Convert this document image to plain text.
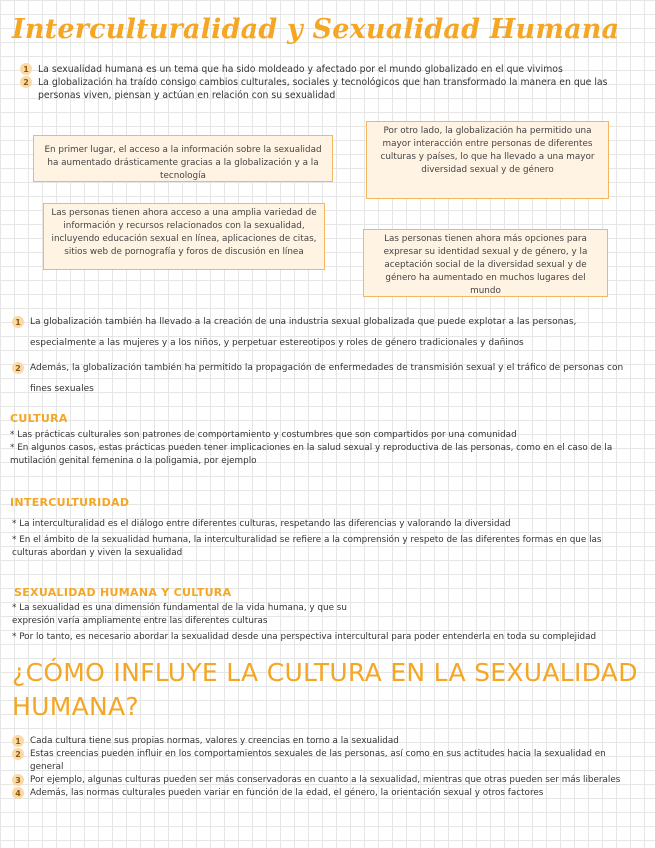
Interculturalidad y Sexualidad Humana
1 La sexualidad humana es un tema que ha sido moldeado y afectado por el mundo globalizado en el que vivimos
2 La globalización ha traído consigo cambios culturales, sociales y tecnológicos que han transformado la manera en que las personas viven, piensan y actúan en relación con su sexualidad
En primer lugar, el acceso a la información sobre la sexualidad ha aumentado drásticamente gracias a la globalización y a la tecnología
Por otro lado, la globalización ha permitido una mayor interacción entre personas de diferentes culturas y países, lo que ha llevado a una mayor diversidad sexual y de género
Las personas tienen ahora acceso a una amplia variedad de información y recursos relacionados con la sexualidad, incluyendo educación sexual en línea, aplicaciones de citas, sitios web de pornografía y foros de discusión en línea
Las personas tienen ahora más opciones para expresar su identidad sexual y de género, y la aceptación social de la diversidad sexual y de género ha aumentado en muchos lugares del mundo
1	La globalización también ha llevado a la creación de una industria sexual globalizada que puede explotar a las personas, especialmente a las mujeres y a los niños, y perpetuar estereotipos y roles de género tradicionales y dañinos
2	Además, la globalización también ha permitido la propagación de enfermedades de transmisión sexual y el tráfico de personas con fines sexuales
CULTURA
* Las prácticas culturales son patrones de comportamiento y costumbres que son compartidos por una comunidad
* En algunos casos, estas prácticas pueden tener implicaciones en la salud sexual y reproductiva de las personas, como en el caso de la mutilación genital femenina o la poligamia, por ejemplo
INTERCULTURIDAD
* La interculturalidad es el diálogo entre diferentes culturas, respetando las diferencias y valorando la diversidad
* En el ámbito de la sexualidad humana, la interculturalidad se refiere a la comprensión y respeto de las diferentes formas en que las culturas abordan y viven la sexualidad
SEXUALIDAD HUMANA Y CULTURA
* La sexualidad es una dimensión fundamental de la vida humana, y que su
expresión varía ampliamente entre las diferentes culturas
* Por lo tanto, es necesario abordar la sexualidad desde una perspectiva intercultural para poder entenderla en toda su complejidad
¿CÓMO INFLUYE LA CULTURA EN LA SEXUALIDAD HUMANA?
1	Cada cultura tiene sus propias normas, valores y creencias en torno a la sexualidad
2	Estas creencias pueden influir en los comportamientos sexuales de las personas, así como en sus actitudes hacia la sexualidad en general
3	Por ejemplo, algunas culturas pueden ser más conservadoras en cuanto a la sexualidad, mientras que otras pueden ser más liberales
4	Además, las normas culturales pueden variar en función de la edad, el género, la orientación sexual y otros factores
